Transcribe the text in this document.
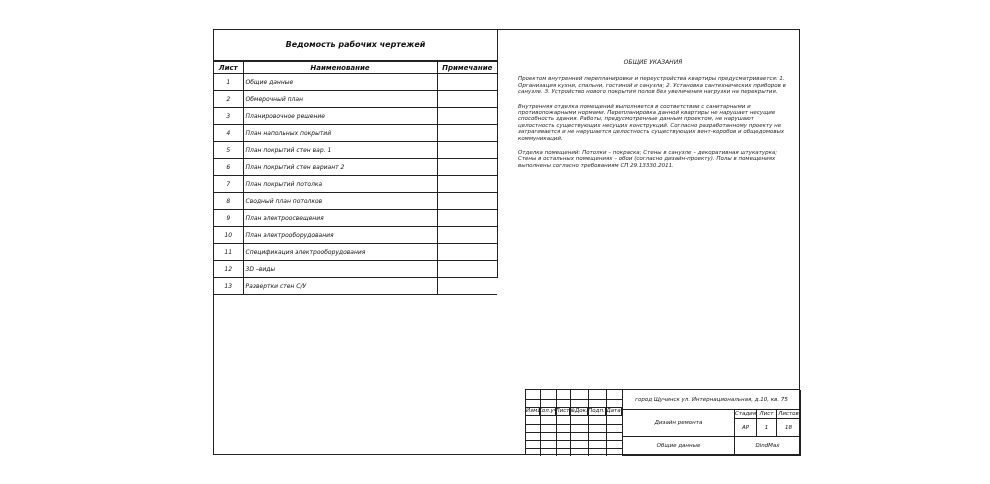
Ведомость рабочих чертежей
Лист	Наименование	Примечание
1	Общие данные	
2	Обмерочный план	
3	Планировочное решение	
4	План напольных покрытий	
5	План покрытий стен вар. 1	
6	План покрытий стен вариант 2	
7	План покрытий потолка	
8	Сводный план потолков	
9	План электроосвещения	
10	План электрооборудования	
11	Спецификация электрооборудования	
12	3D –виды	
13	Развертки стен С/У	
ОБЩИЕ УКАЗАНИЯ

Проектом внутренней перепланировки и переустройства квартиры предусматривается: 1. Организация кухни, спальни, гостиной и санузла; 2. Установка сантехнических приборов в санузле. 3. Устройство нового покрытия полов без увеличения нагрузки на перекрытия.

Внутренняя отделка помещений выполняется в соответствии с санитарными и противопожарными нормами. Перепланировка данной квартиры не нарушает несущие способность здания. Работы, предусмотренные данным проектом, не нарушают целостность существующих несущих конструкций. Согласно разработанному проекту не затрагивается и не нарушается целостность существующих вент-коробов и общедомовых коммуникаций.

Отделка помещений: Потолки – покраска; Стены в санузле – декоративная штукатурка; Стены в остальных помещениях – обои (согласно дизайн-проекту). Полы в помещениях выполнены согласно требованиям СП 29.13330.2011.

Изм. Кол.уч
Лист №Док. Подп. Дата
город Щучинск ул. Интернациональная, д.10, кв. 75
Дизайн ремонта
Стадия Лист Листов
АР	1	18
Общие данные	DindMax
